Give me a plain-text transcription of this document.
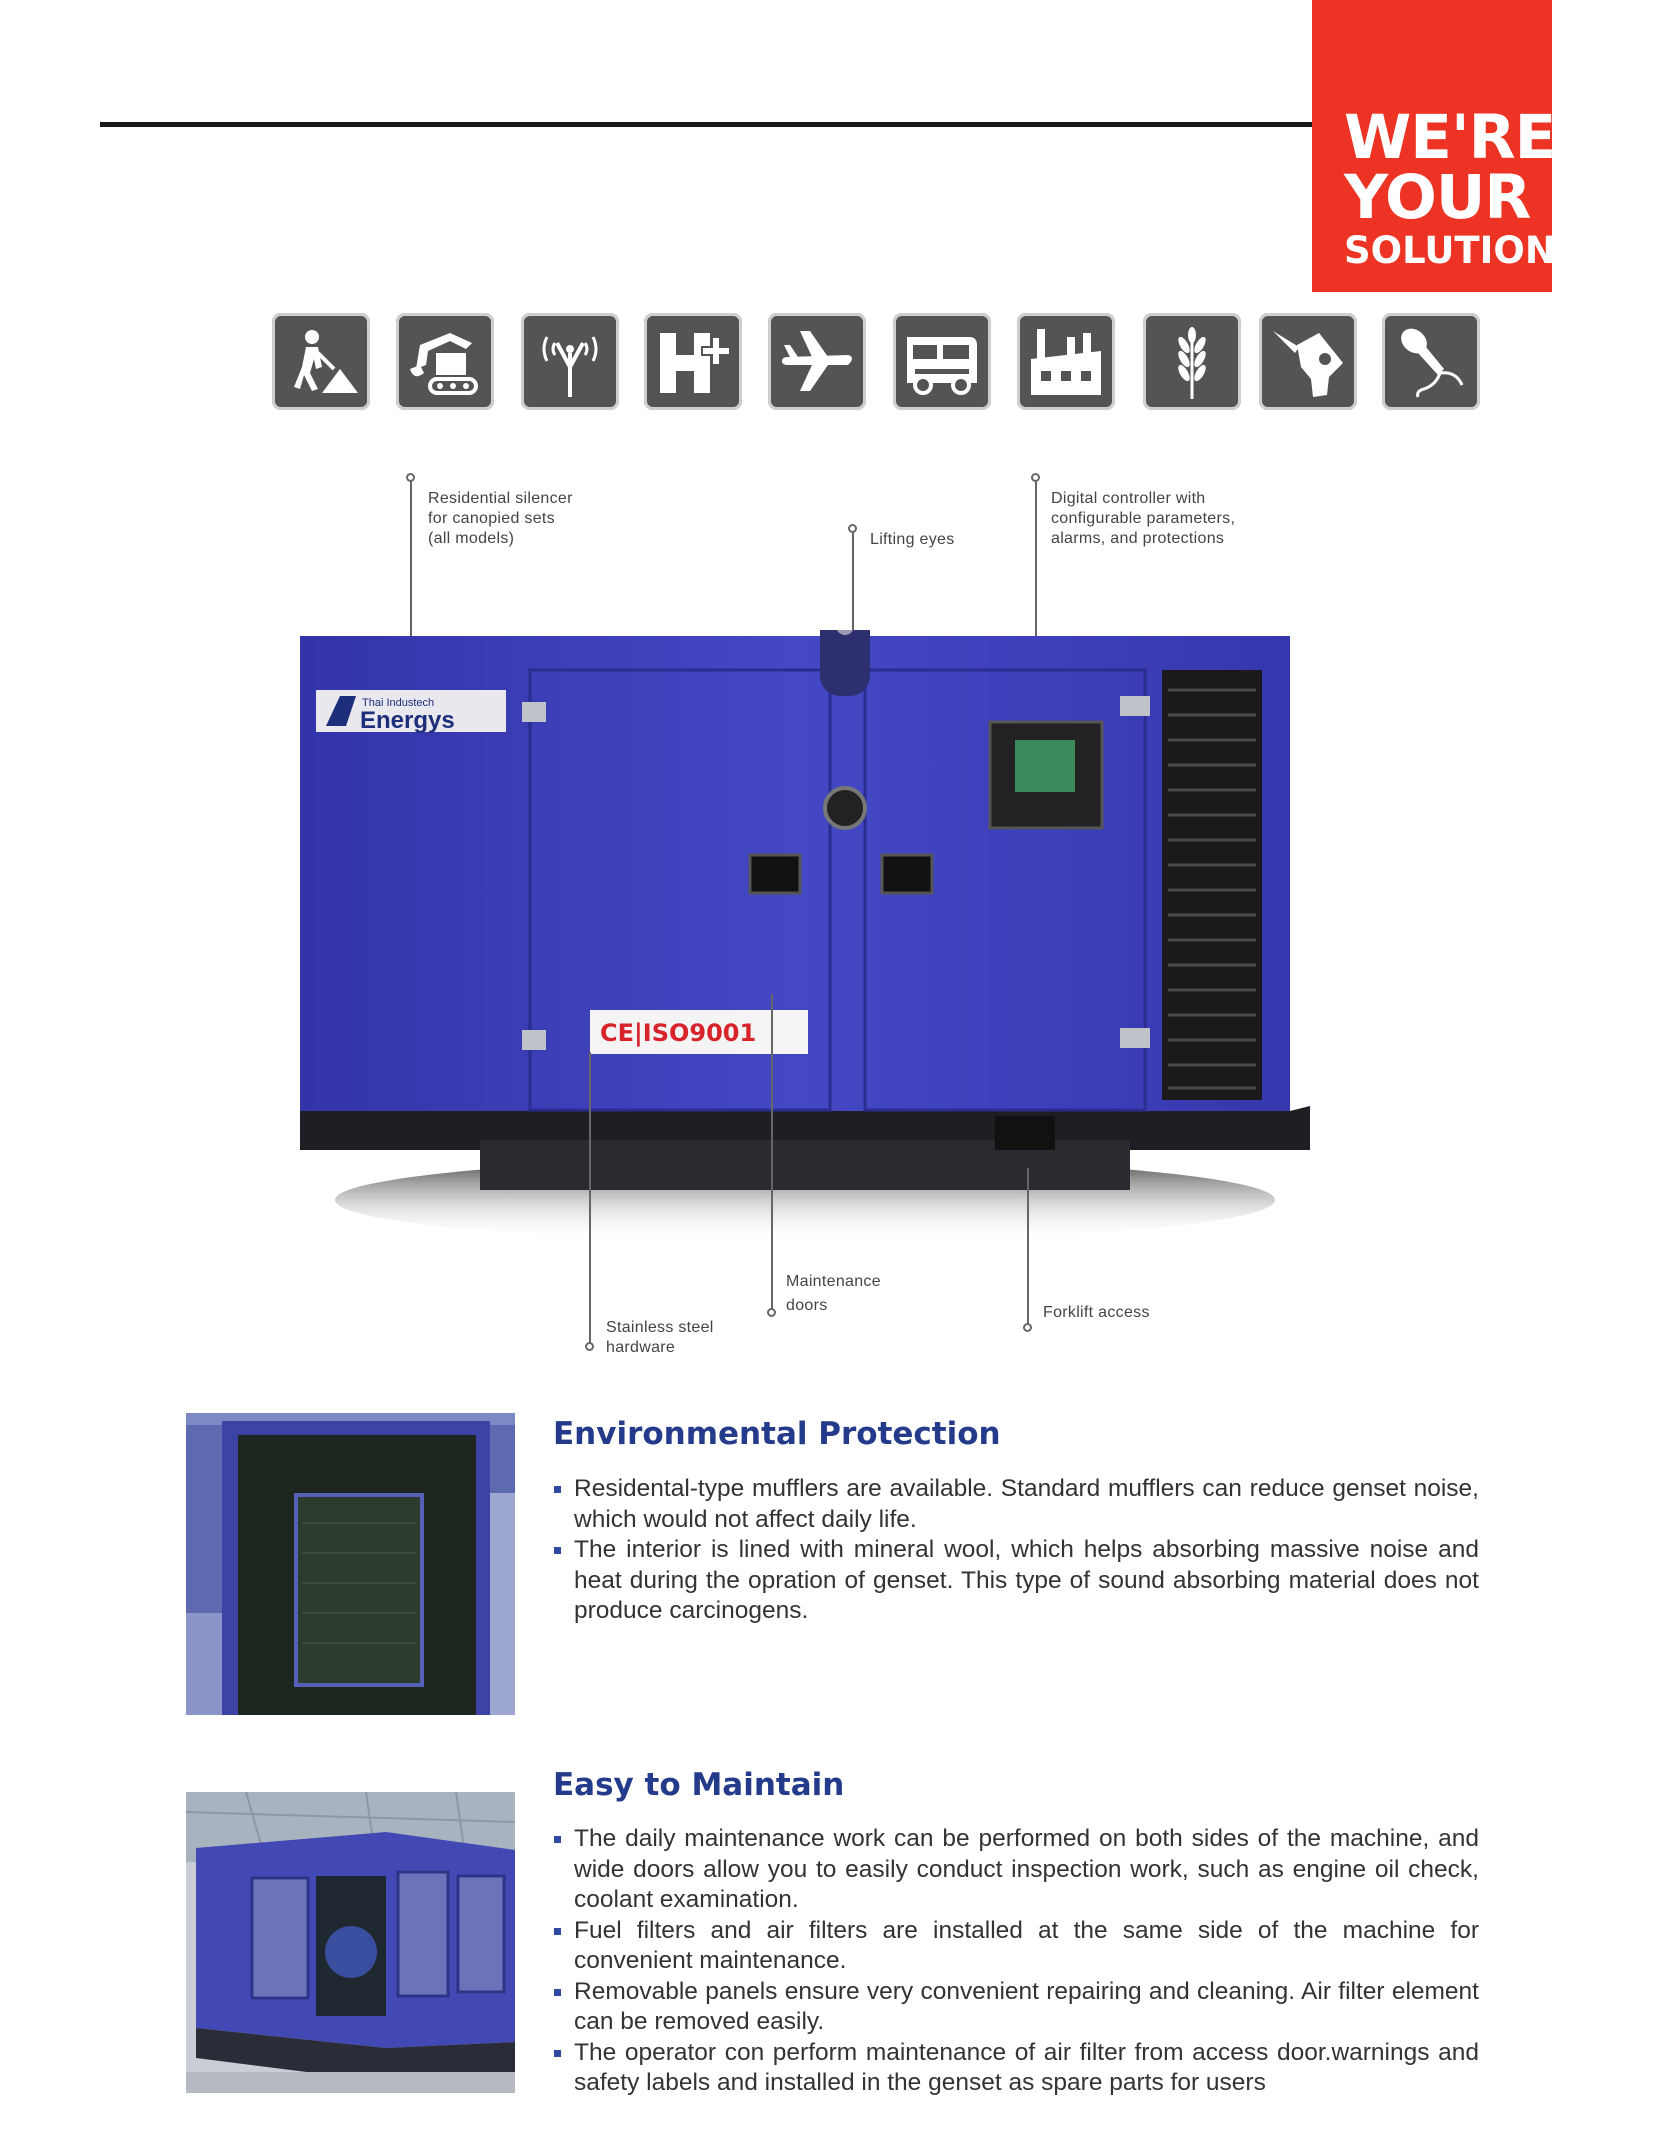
WE'RE
YOUR
SOLUTION
Residential silencer
for canopied sets
(all models)	Lifting eyes
Digital controller with
configurable parameters,
alarms, and protections
Thai Industech
Energys
CE|ISO9001
Stainless steel
hardware
Maintenance
doors	Forklift access
Environmental Protection
Residental-type mufflers are available. Standard mufflers can reduce genset noise, which would not affect daily life.
The interior is lined with mineral wool, which helps absorbing massive noise and heat during the opration of genset. This type of sound absorbing material does not produce carcinogens.
Easy to Maintain
The daily maintenance work can be performed on both sides of the machine, and wide doors allow you to easily conduct inspection work, such as engine oil check, coolant examination.
Fuel filters and air filters are installed at the same side of the machine for convenient maintenance.
Removable panels ensure very convenient repairing and cleaning. Air filter element can be removed easily.
The operator con perform maintenance of air filter from access door.warnings and safety labels and installed in the genset as spare parts for users
